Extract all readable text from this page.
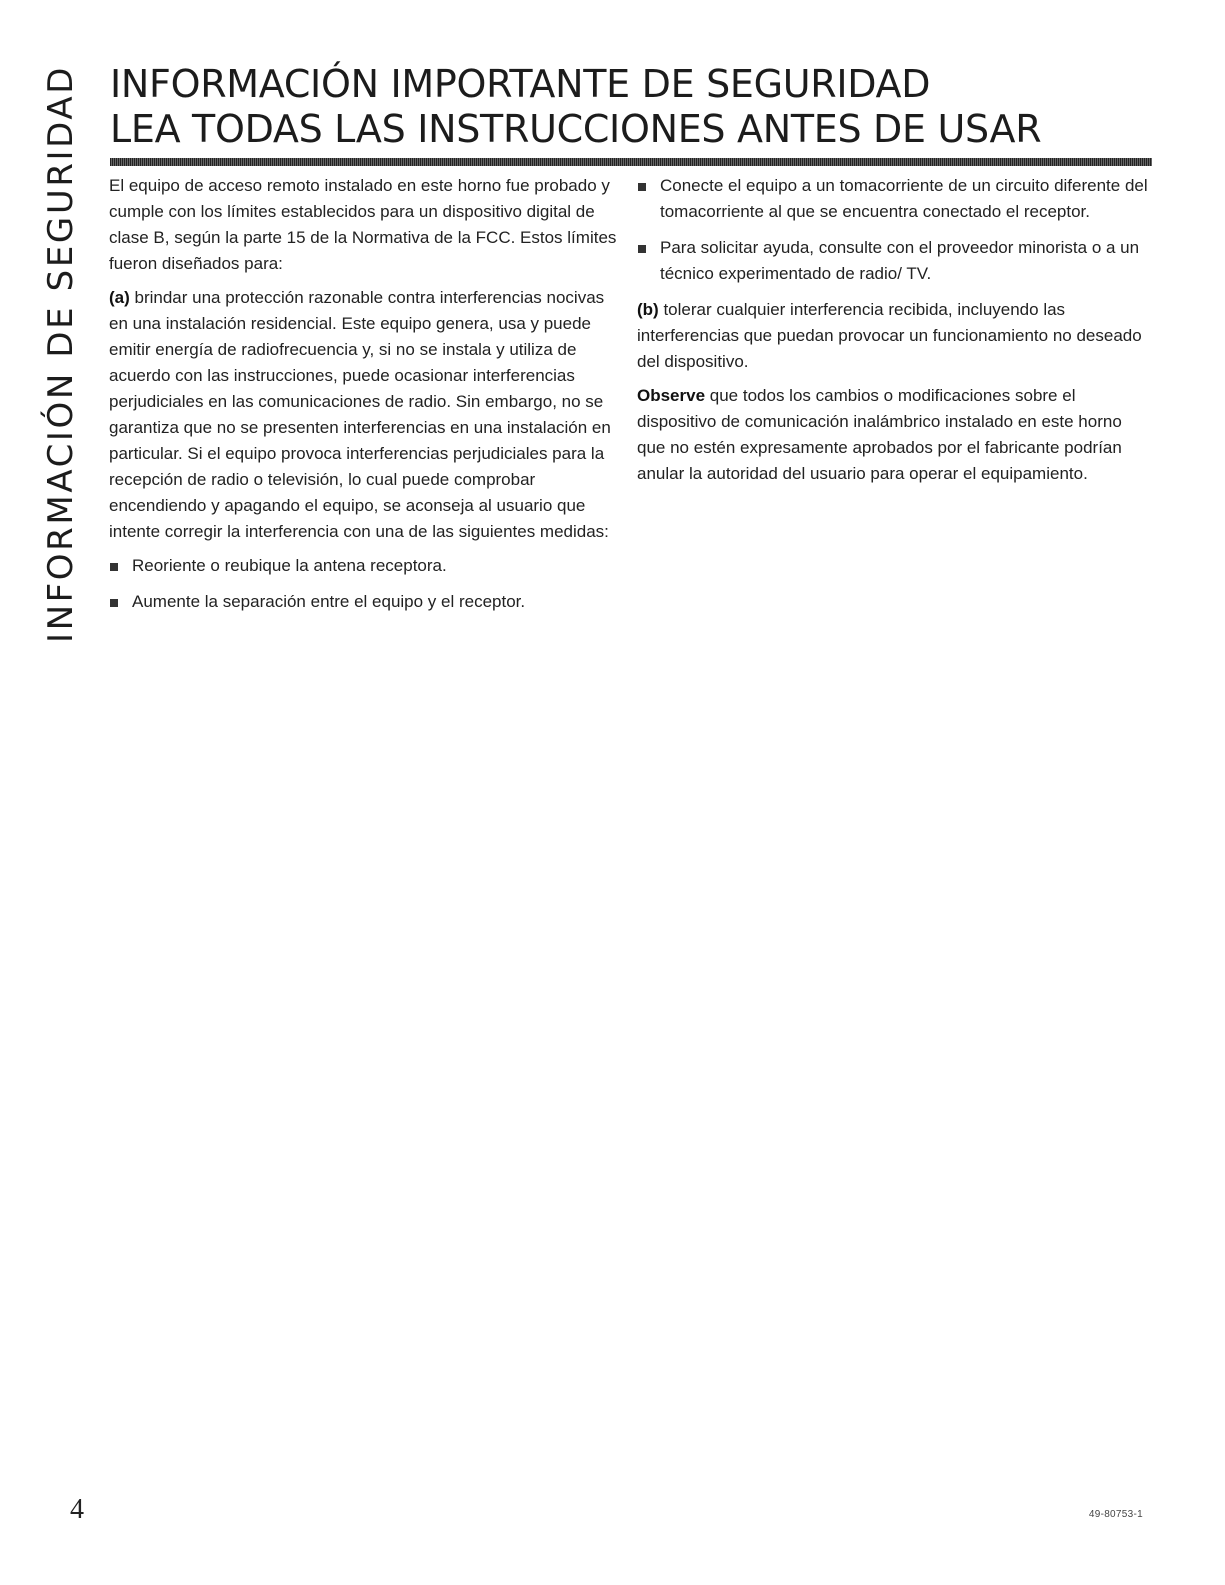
INFORMACIÓN DE SEGURIDAD INFORMACIÓN IMPORTANTE DE SEGURIDAD
LEA TODAS LAS INSTRUCCIONES ANTES DE USAR

El equipo de acceso remoto instalado en este horno fue probado y cumple con los límites establecidos para un dispositivo digital de clase B, según la parte 15 de la Normativa de la FCC. Estos límites fueron diseñados para:

(a) brindar una protección razonable contra interferencias nocivas en una instalación residencial. Este equipo genera, usa y puede emitir energía de radiofrecuencia y, si no se instala y utiliza de acuerdo con las instrucciones, puede ocasionar interferencias perjudiciales en las comunicaciones de radio. Sin embargo, no se garantiza que no se presenten interferencias en una instalación en particular. Si el equipo provoca interferencias perjudiciales para la recepción de radio o televisión, lo cual puede comprobar encendiendo y apagando el equipo, se aconseja al usuario que intente corregir la interferencia con una de las siguientes medidas:

Reoriente o reubique la antena receptora.
Aumente la separación entre el equipo y el receptor.
Conecte el equipo a un tomacorriente de un circuito diferente del tomacorriente al que se encuentra conectado el receptor.
Para solicitar ayuda, consulte con el proveedor minorista o a un técnico experimentado de radio/ TV.

(b) tolerar cualquier interferencia recibida, incluyendo las interferencias que puedan provocar un funcionamiento no deseado del dispositivo.

Observe que todos los cambios o modificaciones sobre el dispositivo de comunicación inalámbrico instalado en este horno que no estén expresamente aprobados por el fabricante podrían anular la autoridad del usuario para operar el equipamiento.

4	49-80753-1
